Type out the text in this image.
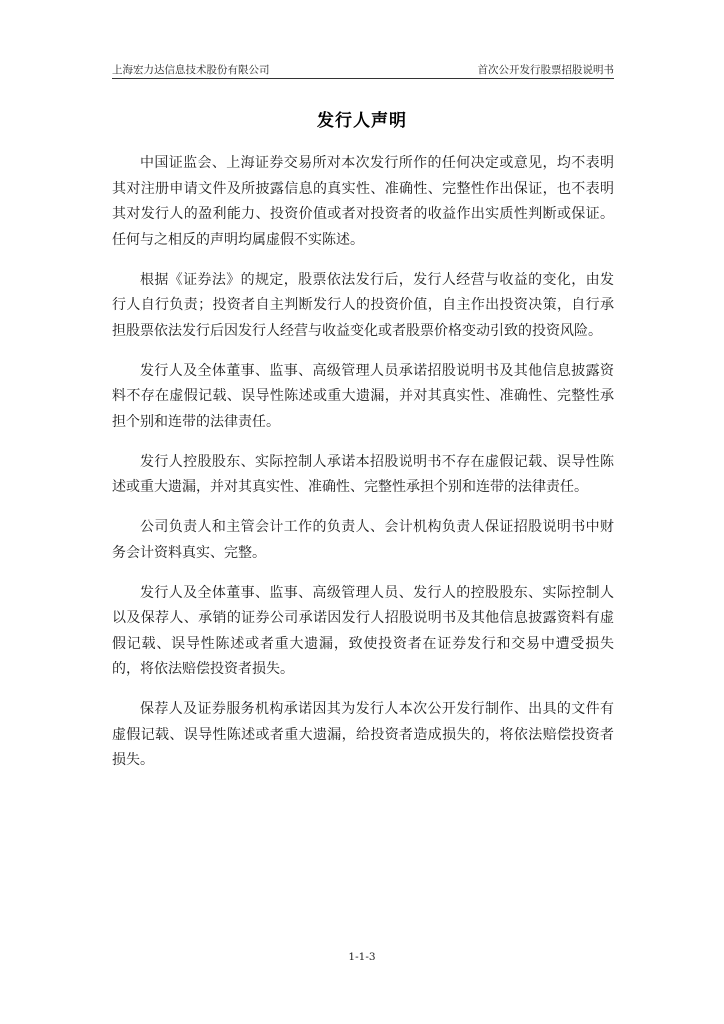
上海宏力达信息技术股份有限公司	首次公开发行股票招股说明书
发行人声明

中国证监会、上海证券交易所对本次发行所作的任何决定或意见，均不表明其对注册申请文件及所披露信息的真实性、准确性、完整性作出保证，也不表明其对发行人的盈利能力、投资价值或者对投资者的收益作出实质性判断或保证。任何与之相反的声明均属虚假不实陈述。

根据《证券法》的规定，股票依法发行后，发行人经营与收益的变化，由发行人自行负责；投资者自主判断发行人的投资价值，自主作出投资决策，自行承担股票依法发行后因发行人经营与收益变化或者股票价格变动引致的投资风险。

发行人及全体董事、监事、高级管理人员承诺招股说明书及其他信息披露资料不存在虚假记载、误导性陈述或重大遗漏，并对其真实性、准确性、完整性承担个别和连带的法律责任。

发行人控股股东、实际控制人承诺本招股说明书不存在虚假记载、误导性陈述或重大遗漏，并对其真实性、准确性、完整性承担个别和连带的法律责任。

公司负责人和主管会计工作的负责人、会计机构负责人保证招股说明书中财务会计资料真实、完整。

发行人及全体董事、监事、高级管理人员、发行人的控股股东、实际控制人以及保荐人、承销的证券公司承诺因发行人招股说明书及其他信息披露资料有虚假记载、误导性陈述或者重大遗漏，致使投资者在证券发行和交易中遭受损失的，将依法赔偿投资者损失。

保荐人及证券服务机构承诺因其为发行人本次公开发行制作、出具的文件有虚假记载、误导性陈述或者重大遗漏，给投资者造成损失的，将依法赔偿投资者损失。

1-1-3
